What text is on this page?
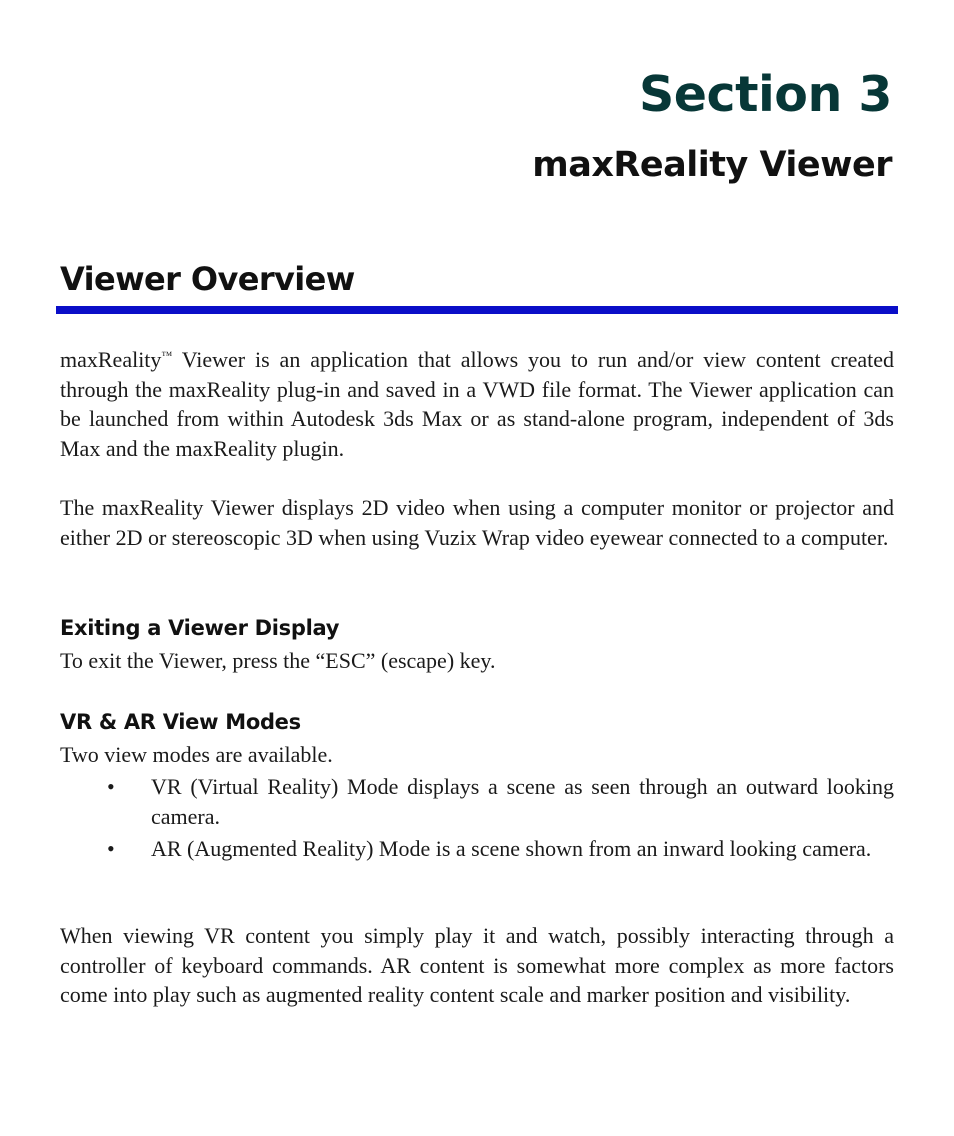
Section 3
maxReality Viewer
Viewer Overview

maxReality™ Viewer is an application that allows you to run and/or view content created through the maxReality plug-in and saved in a VWD file format. The Viewer application can be launched from within Autodesk 3ds Max or as stand-alone program, independent of 3ds Max and the maxReality plugin.

The maxReality Viewer displays 2D video when using a computer monitor or projector and either 2D or stereoscopic 3D when using Vuzix Wrap video eyewear connected to a computer.

Exiting a Viewer Display

To exit the Viewer, press the “ESC” (escape) key.

VR & AR View Modes

Two view modes are available.

• VR (Virtual Reality) Mode displays a scene as seen through an outward looking camera.
• AR (Augmented Reality) Mode is a scene shown from an inward looking camera.

When viewing VR content you simply play it and watch, possibly interacting through a controller of keyboard commands. AR content is somewhat more complex as more factors come into play such as augmented reality content scale and marker position and visibility.
